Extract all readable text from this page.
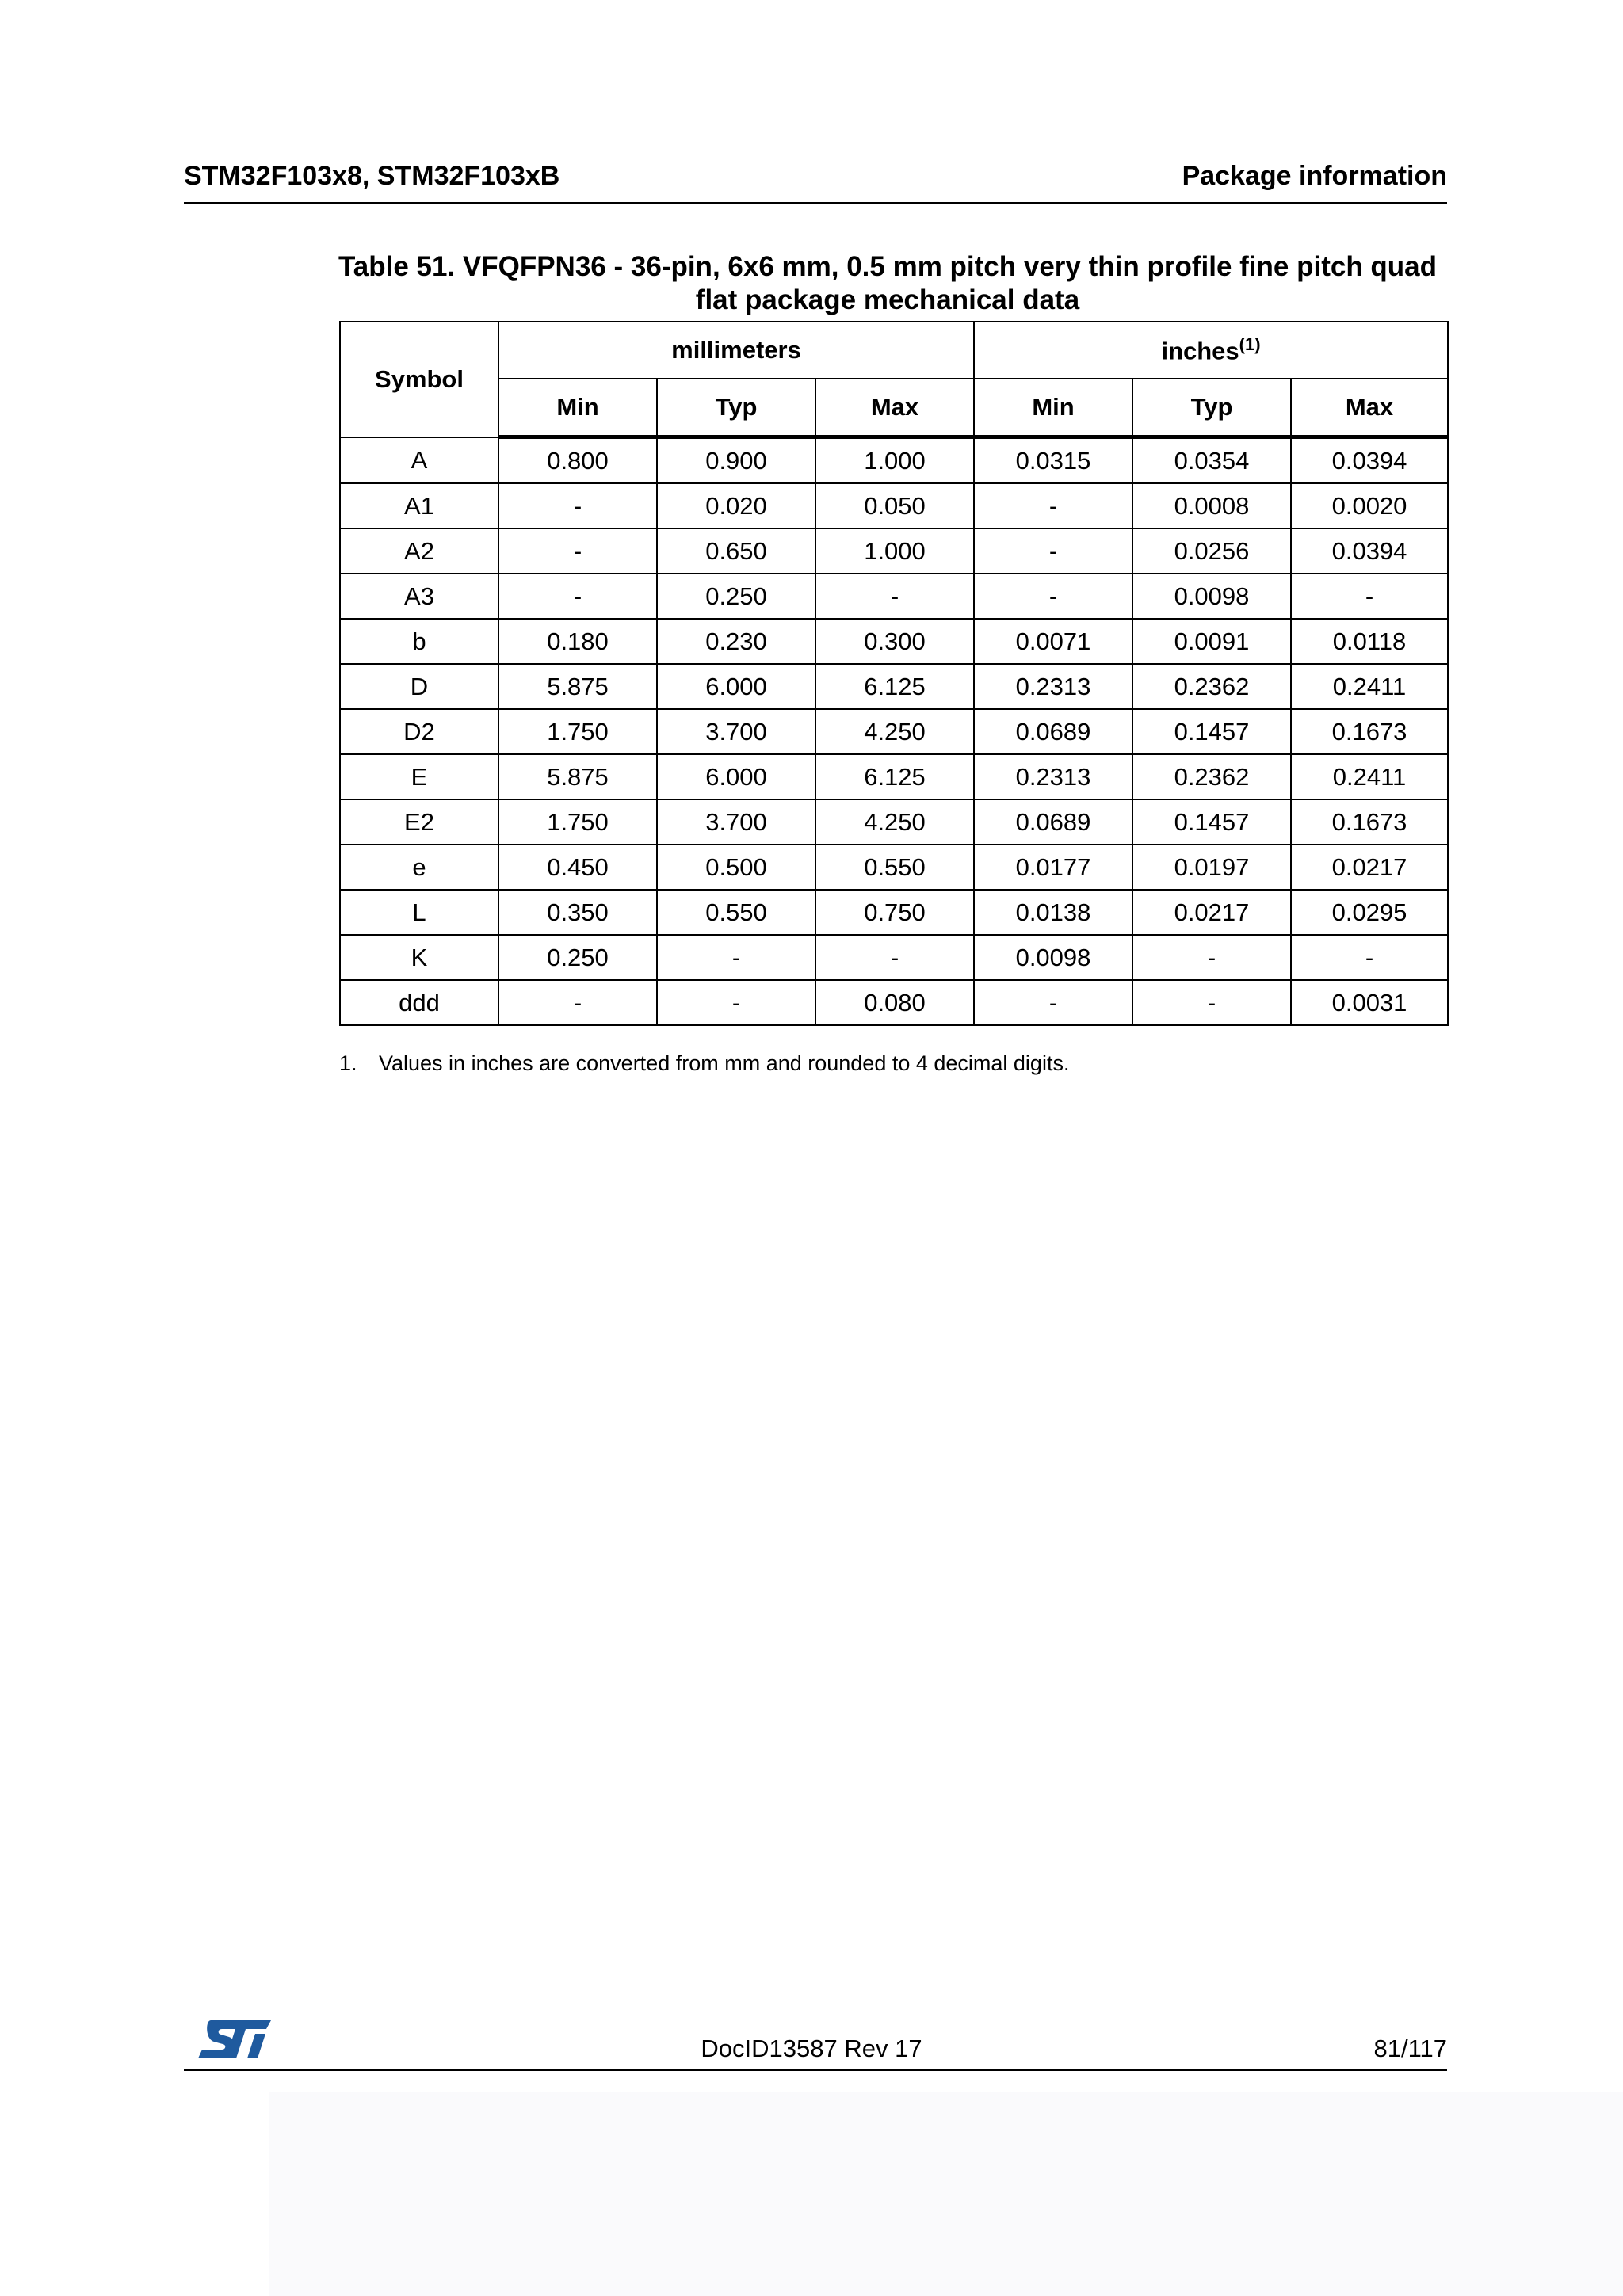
STM32F103x8, STM32F103xB	Package information
Table 51. VFQFPN36 - 36-pin, 6x6 mm, 0.5 mm pitch very thin profile fine pitch quad
flat package mechanical data
Symbol	millimeters			inches$^{(1)}$
	Min	Typ	Max	Min	Typ	Max
A	0.800	0.900	1.000	0.0315	0.0354	0.0394
A1	-	0.020	0.050	-	0.0008	0.0020
A2	-	0.650	1.000	-	0.0256	0.0394
A3	-	0.250	-	-	0.0098	-
b	0.180	0.230	0.300	0.0071	0.0091	0.0118
D	5.875	6.000	6.125	0.2313	0.2362	0.2411
D2	1.750	3.700	4.250	0.0689	0.1457	0.1673
E	5.875	6.000	6.125	0.2313	0.2362	0.2411
E2	1.750	3.700	4.250	0.0689	0.1457	0.1673
e	0.450	0.500	0.550	0.0177	0.0197	0.0217
L	0.350	0.550	0.750	0.0138	0.0217	0.0295
K	0.250	-	-	0.0098	-	-
ddd	-	-	0.080	-	-	0.0031
1. Values in inches are converted from mm and rounded to 4 decimal digits.
DocID13587 Rev 17	81/117
